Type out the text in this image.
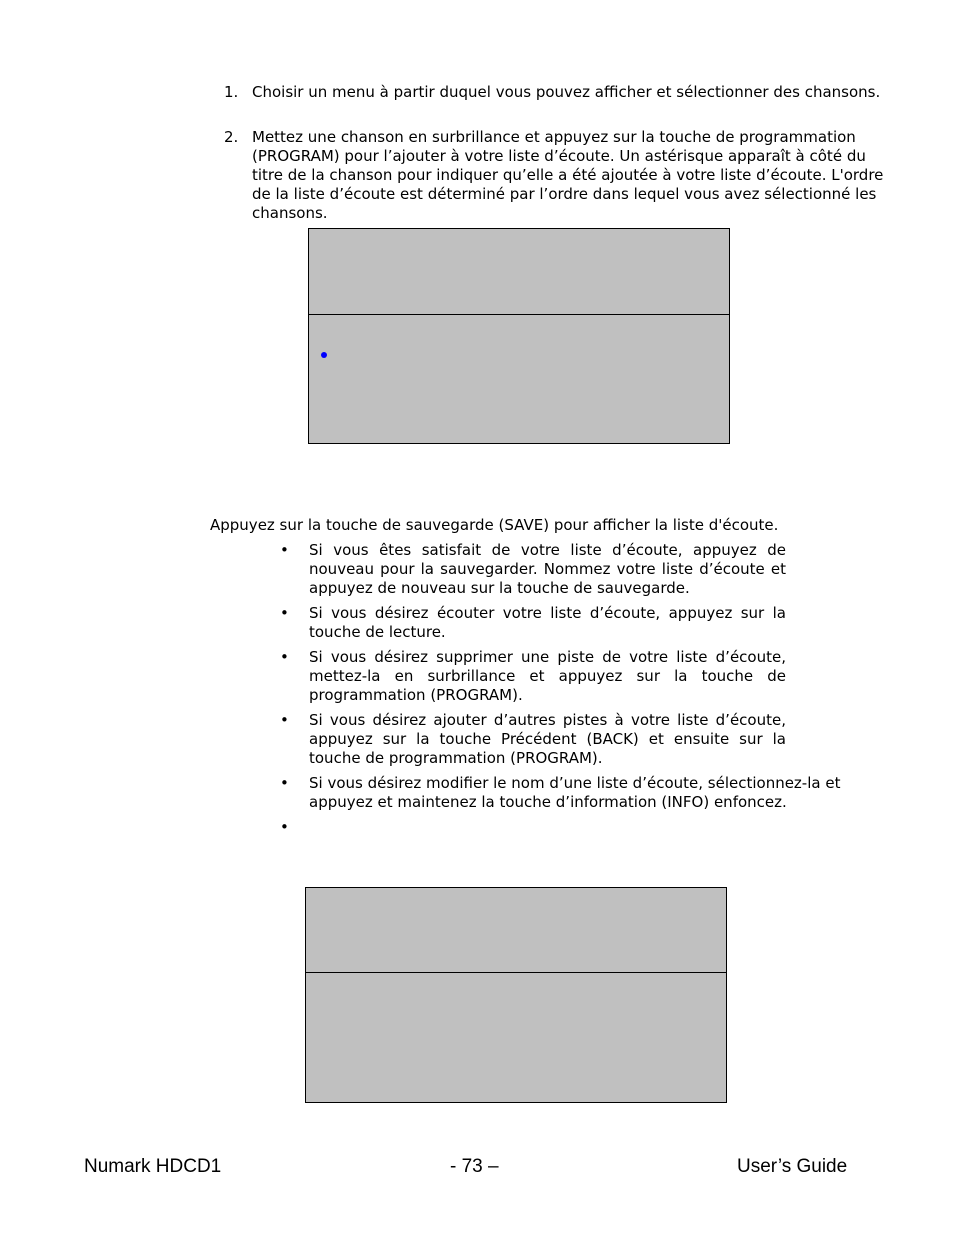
1. Choisir un menu à partir duquel vous pouvez afficher et sélectionner des chansons.
2. Mettez une chanson en surbrillance et appuyez sur la touche de programmation (PROGRAM) pour l’ajouter à votre liste d’écoute. Un astérisque apparaît à côté du titre de la chanson pour indiquer qu’elle a été ajoutée à votre liste d’écoute. L'ordre de la liste d’écoute est déterminé par l’ordre dans lequel vous avez sélectionné les chansons.
Appuyez sur la touche de sauvegarde (SAVE) pour afficher la liste d'écoute.
• Si vous êtes satisfait de votre liste d’écoute, appuyez de nouveau pour la sauvegarder. Nommez votre liste d’écoute et appuyez de nouveau sur la touche de sauvegarde.
• Si vous désirez écouter votre liste d’écoute, appuyez sur la touche de lecture.
• Si vous désirez supprimer une piste de votre liste d’écoute, mettez-la en surbrillance et appuyez sur la touche de programmation (PROGRAM).
• Si vous désirez ajouter d’autres pistes à votre liste d’écoute, appuyez sur la touche Précédent (BACK) et ensuite sur la touche de programmation (PROGRAM).
• Si vous désirez modifier le nom d’une liste d’écoute, sélectionnez-la et appuyez et maintenez la touche d’information (INFO) enfoncez.
•
Numark HDCD1	- 73 –	User’s Guide
